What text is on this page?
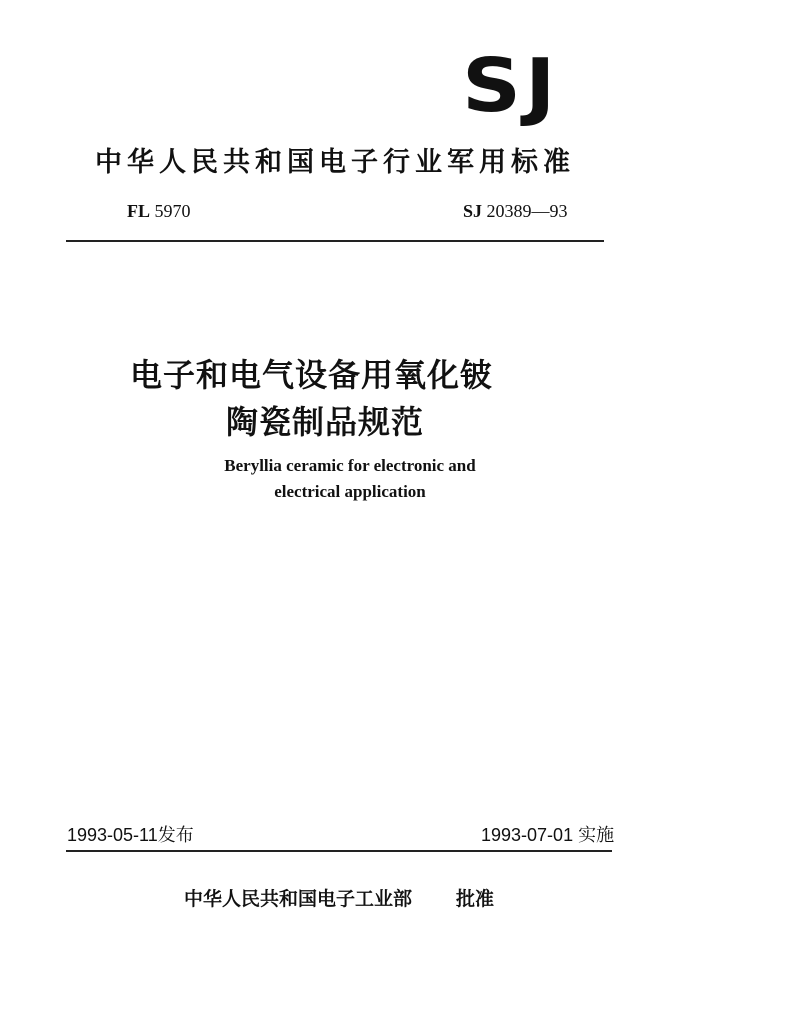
SJ
中华人民共和国电子行业军用标准
FL 5970	SJ 20389—93
电子和电气设备用氧化铍
陶瓷制品规范
Beryllia ceramic for electronic and
electrical application
1993-05-11发布	1993-07-01 实施
中华人民共和国电子工业部 批准
